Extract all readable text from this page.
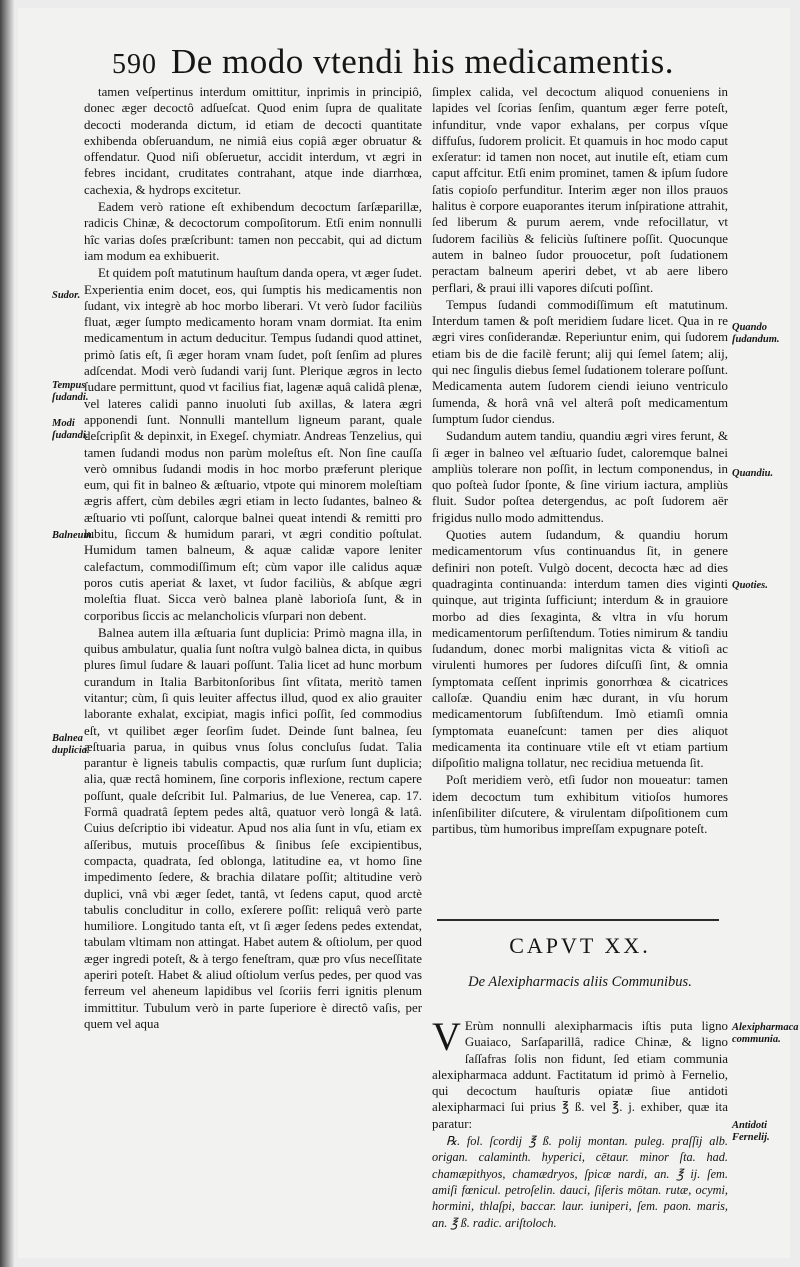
590 De modo vtendi his medicamentis.

tamen veſpertinus interdum omittitur, inprimis in principiô, donec æger decoctô adſueſcat. Quod enim ſupra de qualitate decocti moderanda dictum, id etiam de decocti quantitate exhibenda obſeruandum, ne nimiâ eius copiâ æger obruatur & offendatur. Quod niſi obſeruetur, accidit interdum, vt ægri in febres incidant, cruditates contrahant, atque inde diarrhœa, cachexia, & hydrops excitetur.

Eadem verò ratione eſt exhibendum decoctum ſarſæparillæ, radicis Chinæ, & decoctorum compoſitorum. Etſi enim nonnulli hîc varias doſes præſcribunt: tamen non peccabit, qui ad dictum iam modum ea exhibuerit.

Et quidem poſt matutinum hauſtum danda opera, vt æger ſudet. Experientia enim docet, eos, qui ſumptis his medicamentis non ſudant, vix integrè ab hoc morbo liberari. Vt verò ſudor faciliùs fluat, æger ſumpto medicamento horam vnam dormiat. Ita enim medicamentum in actum deducitur. Tempus ſudandi quod attinet, primò ſatis eſt, ſi æger horam vnam ſudet, poſt ſenſim ad plures adſcendat. Modi verò ſudandi varij ſunt. Plerique ægros in lecto ſudare permittunt, quod vt facilius fiat, lagenæ aquâ calidâ plenæ, vel lateres calidi panno inuoluti ſub axillas, & latera ægri apponendi ſunt. Nonnulli mantellum ligneum parant, quale deſcripſit & depinxit, in Exegeſ. chymiatr. Andreas Tenzelius, qui tamen ſudandi modus non parùm moleſtus eſt. Non ſine cauſſa verò omnibus ſudandi modis in hoc morbo præferunt plerique eum, qui fit in balneo & æſtuario, vtpote qui minorem moleſtiam ægris affert, cùm debiles ægri etiam in lecto ſudantes, balneo & æſtuario vti poſſunt, calorque balnei queat intendi & remitti pro lubitu, ſiccum & humidum parari, vt ægri conditio poſtulat. Humidum tamen balneum, & aquæ calidæ vapore leniter calefactum, commodiſſimum eſt; cùm vapor ille calidus aquæ poros cutis aperiat & laxet, vt ſudor faciliùs, & abſque ægri moleſtia fluat. Sicca verò balnea planè laborioſa ſunt, & in corporibus ſiccis ac melancholicis vſurpari non debent.

Balnea autem illa æſtuaria ſunt duplicia: Primò magna illa, in quibus ambulatur, qualia ſunt noſtra vulgò balnea dicta, in quibus plures ſimul ſudare & lauari poſſunt. Talia licet ad hunc morbum curandum in Italia Barbitonſoribus ſint vſitata, meritò tamen vitantur; cùm, ſi quis leuiter affectus illud, quod ex alio grauiter laborante exhalat, excipiat, magis infici poſſit, ſed commodius eſt, vt quilibet æger ſeorſim ſudet. Deinde ſunt balnea, ſeu æſtuaria parua, in quibus vnus ſolus concluſus ſudat. Talia parantur è ligneis tabulis compactis, quæ rurſum ſunt duplicia; alia, quæ rectâ hominem, ſine corporis inflexione, rectum capere poſſunt, quale deſcribit Iul. Palmarius, de lue Venerea, cap. 17. Formâ quadratâ ſeptem pedes altâ, quatuor verò longâ & latâ. Cuius deſcriptio ibi videatur. Apud nos alia ſunt in vſu, etiam ex aſſeribus, mutuis proceſſibus & ſinibus ſeſe excipientibus, compacta, quadrata, ſed oblonga, latitudine ea, vt homo ſine impedimento ſedere, & brachia dilatare poſſit; altitudine verò duplici, vnâ vbi æger ſedet, tantâ, vt ſedens caput, quod arctè tabulis concluditur in collo, exſerere poſſit: reliquâ verò parte humiliore. Longitudo tanta eſt, vt ſi æger ſedens pedes extendat, tabulam vltimam non attingat. Habet autem & oſtiolum, per quod æger ingredi poteſt, & à tergo feneſtram, quæ pro vſus neceſſitate aperiri poteſt. Habet & aliud oſtiolum verſus pedes, per quod vas ferreum vel aheneum lapidibus vel ſcoriis ferri ignitis plenum immittitur. Tubulum verò in parte ſuperiore è directô vaſis, per quem vel aqua

ſimplex calida, vel decoctum aliquod conueniens in lapides vel ſcorias ſenſim, quantum æger ferre poteſt, infunditur, vnde vapor exhalans, per corpus vſque diffuſus, ſudorem prolicit. Et quamuis in hoc modo caput exſeratur: id tamen non nocet, aut inutile eſt, etiam cum caput affcitur. Etſi enim prominet, tamen & ipſum ſudore ſatis copioſo perfunditur. Interim æger non illos prauos halitus è corpore euaporantes iterum inſpiratione attrahit, ſed liberum & purum aerem, vnde refocillatur, vt ſudorem faciliùs & feliciùs ſuſtinere poſſit. Quocunque autem in balneo ſudor prouocetur, poſt ſudationem peractam balneum aperiri debet, vt ab aere libero perflari, & praui illi vapores diſcuti poſſint.

Tempus ſudandi commodiſſimum eſt matutinum. Interdum tamen & poſt meridiem ſudare licet. Qua in re ægri vires conſiderandæ. Reperiuntur enim, qui ſudorem etiam bis de die facilè ferunt; alij qui ſemel ſatem; alij, qui nec ſingulis diebus ſemel ſudationem tolerare poſſunt. Medicamenta autem ſudorem ciendi ieiuno ventriculo ſumenda, & horâ vnâ vel alterâ poſt medicamentum ſumptum ſudor ciendus.

Sudandum autem tandiu, quandiu ægri vires ferunt, & ſi æger in balneo vel æſtuario ſudet, caloremque balnei ampliùs tolerare non poſſit, in lectum componendus, in quo poſteà ſudor ſponte, & ſine virium iactura, ampliùs fluit. Sudor poſtea detergendus, ac poſt ſudorem aër frigidus nullo modo admittendus.

Quoties autem ſudandum, & quandiu horum medicamentorum vſus continuandus ſit, in genere definiri non poteſt. Vulgò docent, decocta hæc ad dies quadraginta continuanda: interdum tamen dies viginti quinque, aut triginta ſufficiunt; interdum & in grauiore morbo ad dies ſexaginta, & vltra in vſu horum medicamentorum perſiſtendum. Toties nimirum & tandiu ſudandum, donec morbi malignitas victa & vitioſi ac virulenti humores per ſudores diſcuſſi ſint, & omnia ſymptomata ceſſent inprimis gonorrhœa & cicatrices calloſæ. Quandiu enim hæc durant, in vſu horum medicamentorum ſubſiſtendum. Imò etiamſi omnia ſymptomata euaneſcunt: tamen per dies aliquot medicamenta ita continuare vtile eſt vt etiam partium diſpoſitio maligna tollatur, nec recidiua metuenda ſit.

Poſt meridiem verò, etſi ſudor non moueatur: tamen idem decoctum tum exhibitum vitioſos humores inſenſibiliter diſcutere, & virulentam diſpoſitionem cum partibus, tùm humoribus impreſſam expugnare poteſt.

CAPVT XX.
De Alexipharmacis aliis Communibus.

V Erùm nonnulli alexipharmacis iſtis puta ligno Guaiaco, Sarſaparillâ, radice Chinæ, & ligno ſaſſafras ſolis non fidunt, ſed etiam communia alexipharmaca addunt. Factitatum id primò à Fernelio, qui decoctum hauſturis opiatæ ſiue antidoti alexipharmaci ſui prius ℥ ß. vel ℥. j. exhiber, quæ ita paratur:

℞. fol. ſcordij ℥ ß. polij montan. puleg. praſſij alb. origan. calaminth. hyperici, cētaur. minor ſta. had. chamæpithyos, chamædryos, ſpicæ nardi, an. ℥ ij. ſem. amiſi fœnicul. petroſelin. dauci, ſiſeris mōtan. rutæ, ocymi, hormini, thlaſpi, baccar. laur. iuniperi, ſem. paon. maris, an. ℥ ß. radic. ariſtoloch.

Sudor.
Tempus ſudandi.
Modi ſudandi.
Balneum.
Balnea duplicia.
Quando ſudandum.
Quandiu.
Quoties.
Alexipharmaca communia.
Antidoti Fernelij.
